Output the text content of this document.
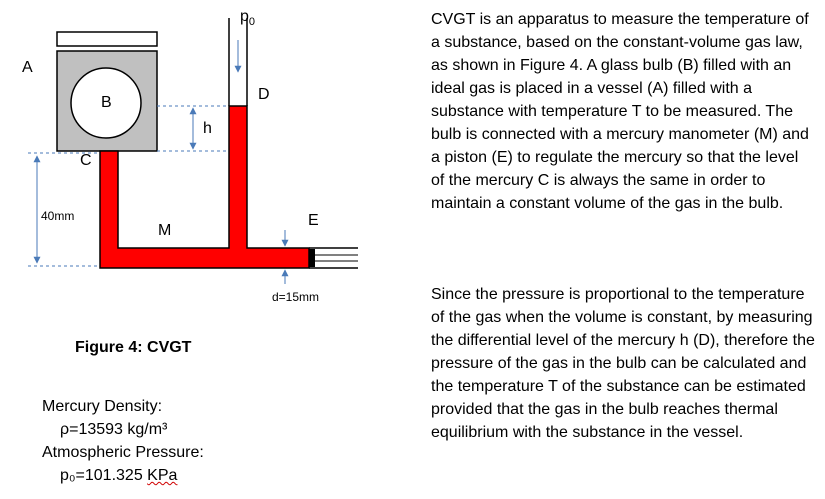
A
B
C
h
$p_0$
D
E
M
40mm
d=15mm
Figure 4: CVGT
Mercury Density:
ρ=13593 kg/m³
Atmospheric Pressure:
p₀=101.325 KPa
CVGT is an apparatus to measure the temperature of a substance, based on the constant-volume gas law, as shown in Figure 4. A glass bulb (B) filled with an ideal gas is placed in a vessel (A) filled with a substance with temperature T to be measured. The bulb is connected with a mercury manometer (M) and a piston (E) to regulate the mercury so that the level of the mercury C is always the same in order to maintain a constant volume of the gas in the bulb.
Since the pressure is proportional to the temperature of the gas when the volume is constant, by measuring the differential level of the mercury h (D), therefore the pressure of the gas in the bulb can be calculated and the temperature T of the substance can be estimated provided that the gas in the bulb reaches thermal equilibrium with the substance in the vessel.
